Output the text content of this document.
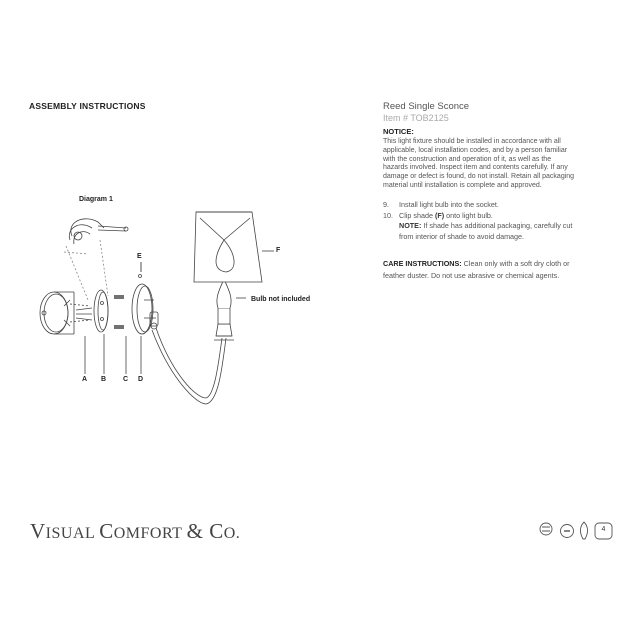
ASSEMBLY INSTRUCTIONS	Reed Single Sconce
Item # TOB2125
NOTICE:
This light fixture should be installed in accordance with all
applicable, local installation codes, and by a person familiar
with the construction and operation of it, as well as the
hazards involved. Inspect item and contents carefully. If any
damage or defect is found, do not install. Retain all packaging
material until installation is complete and approved.
9.	Install light bulb into the socket.
10. Clip shade (F) onto light bulb.
NOTE: If shade has additional packaging, carefully cut
from interior of shade to avoid damage.
CARE INSTRUCTIONS: Clean only with a soft dry cloth or
feather duster. Do not use abrasive or chemical agents.
Diagram 1
Bulb not included
A B C D
E
F
VISUAL COMFORT & CO.	4
